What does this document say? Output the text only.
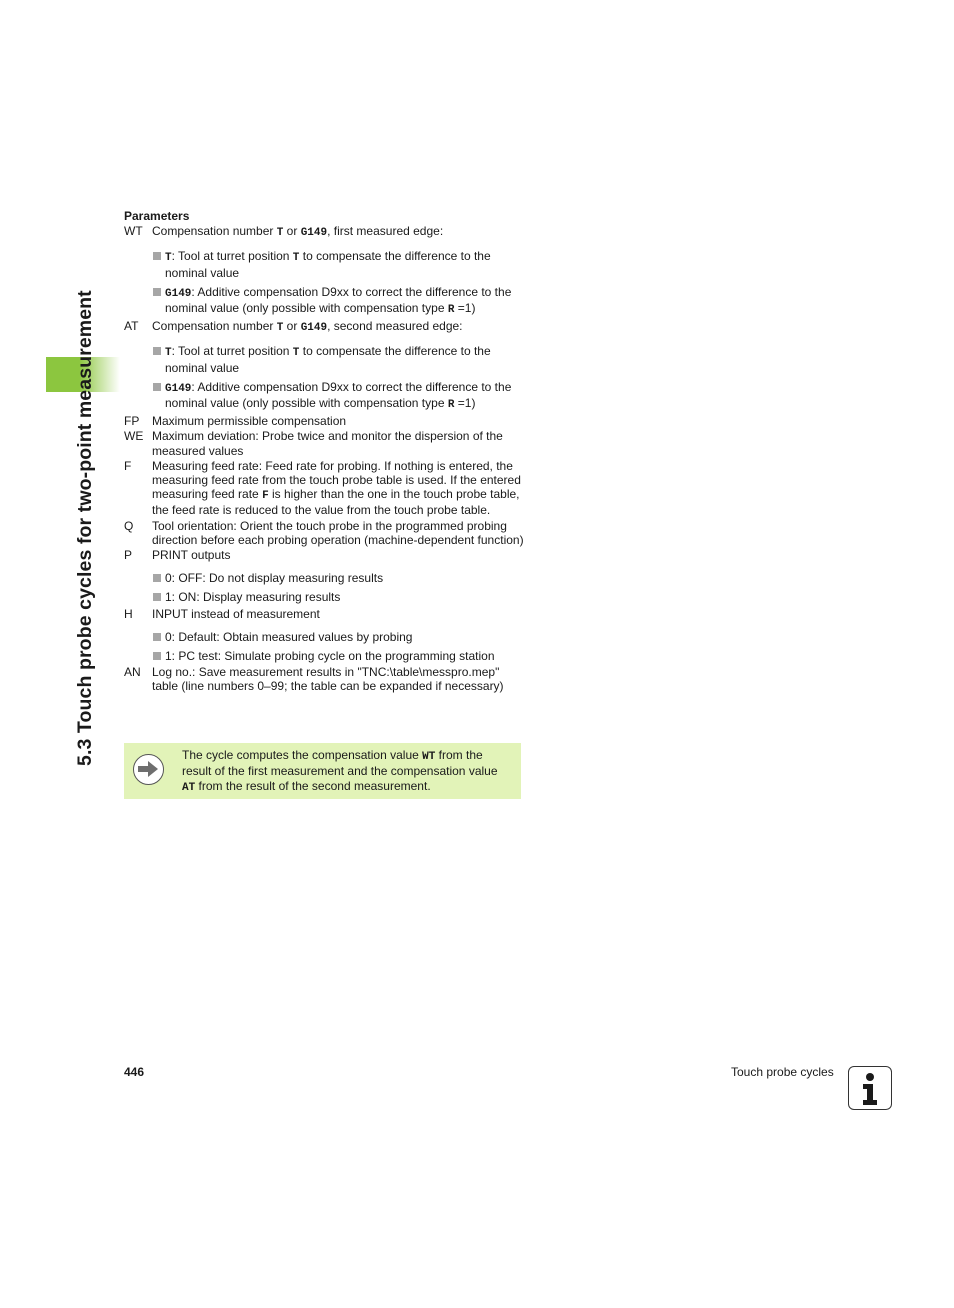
5.3 Touch probe cycles for two-point measurement
Parameters
WT Compensation number T or G149, first measured edge:
T: Tool at turret position T to compensate the difference to the nominal value
G149: Additive compensation D9xx to correct the difference to the nominal value (only possible with compensation type R =1)
AT	Compensation number T or G149, second measured edge:
T: Tool at turret position T to compensate the difference to the nominal value
G149: Additive compensation D9xx to correct the difference to the nominal value (only possible with compensation type R =1)
FP	Maximum permissible compensation
WE Maximum deviation: Probe twice and monitor the dispersion of the measured values
F	Measuring feed rate: Feed rate for probing. If nothing is entered, the measuring feed rate from the touch probe table is used. If the entered measuring feed rate F is higher than the one in the touch probe table, the feed rate is reduced to the value from the touch probe table.
Q	Tool orientation: Orient the touch probe in the programmed probing direction before each probing operation (machine-dependent function)
P	PRINT outputs
0: OFF: Do not display measuring results
1: ON: Display measuring results
H	INPUT instead of measurement
0: Default: Obtain measured values by probing
1: PC test: Simulate probing cycle on the programming station
AN Log no.: Save measurement results in "TNC:\table\messpro.mep" table (line numbers 0–99; the table can be expanded if necessary)
The cycle computes the compensation value WT from the result of the first measurement and the compensation value AT from the result of the second measurement.
446	Touch probe cycles
